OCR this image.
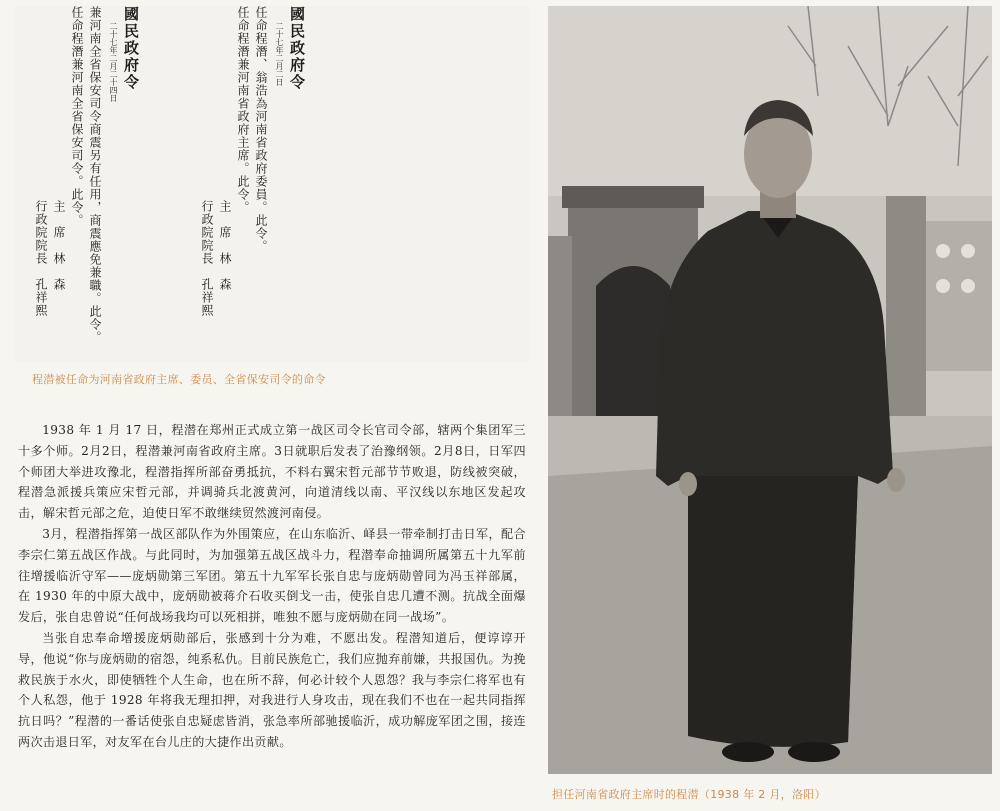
國民政府令
二十七年二月二日
任命程潛、翁浩為河南省政府委員。此令。
任命程潛兼河南省政府主席。此令。
主　席　林　森
行政院院長　孔祥熙
國民政府令
二十七年二月二十四日
兼河南全省保安司令商震另有任用，商震應免兼職。此令。
任命程潛兼河南全省保安司令。此令。
主　席　林　森
行政院院長　孔祥熙
程潜被任命为河南省政府主席、委员、全省保安司令的命令

1938 年 1 月 17 日，程潜在郑州正式成立第一战区司令长官司令部，辖两个集团军三十多个师。2月2日，程潜兼河南省政府主席。3日就职后发表了治豫纲领。2月8日，日军四个师团大举进攻豫北，程潜指挥所部奋勇抵抗，不料右翼宋哲元部节节败退，防线被突破，程潜急派援兵策应宋哲元部，并调骑兵北渡黄河，向道清线以南、平汉线以东地区发起攻击，解宋哲元部之危，迫使日军不敢继续贸然渡河南侵。

3月，程潜指挥第一战区部队作为外围策应，在山东临沂、峄县一带牵制打击日军，配合李宗仁第五战区作战。与此同时，为加强第五战区战斗力，程潜奉命抽调所属第五十九军前往增援临沂守军——庞炳勋第三军团。第五十九军军长张自忠与庞炳勋曾同为冯玉祥部属，在 1930 年的中原大战中，庞炳勋被蒋介石收买倒戈一击，使张自忠几遭不测。抗战全面爆发后，张自忠曾说“任何战场我均可以死相拼，唯独不愿与庞炳勋在同一战场”。

当张自忠奉命增援庞炳勋部后，张感到十分为难，不愿出发。程潜知道后，便谆谆开导，他说“你与庞炳勋的宿怨，纯系私仇。目前民族危亡，我们应抛弃前嫌，共报国仇。为挽救民族于水火，即使牺牲个人生命，也在所不辞，何必计较个人恩怨？我与李宗仁将军也有个人私怨，他于 1928 年将我无理扣押，对我进行人身攻击，现在我们不也在一起共同指挥抗日吗？”程潜的一番话使张自忠疑虑皆消，张急率所部驰援临沂，成功解庞军团之围，接连两次击退日军，对友军在台儿庄的大捷作出贡献。

担任河南省政府主席时的程潜（1938 年 2 月，洛阳）
